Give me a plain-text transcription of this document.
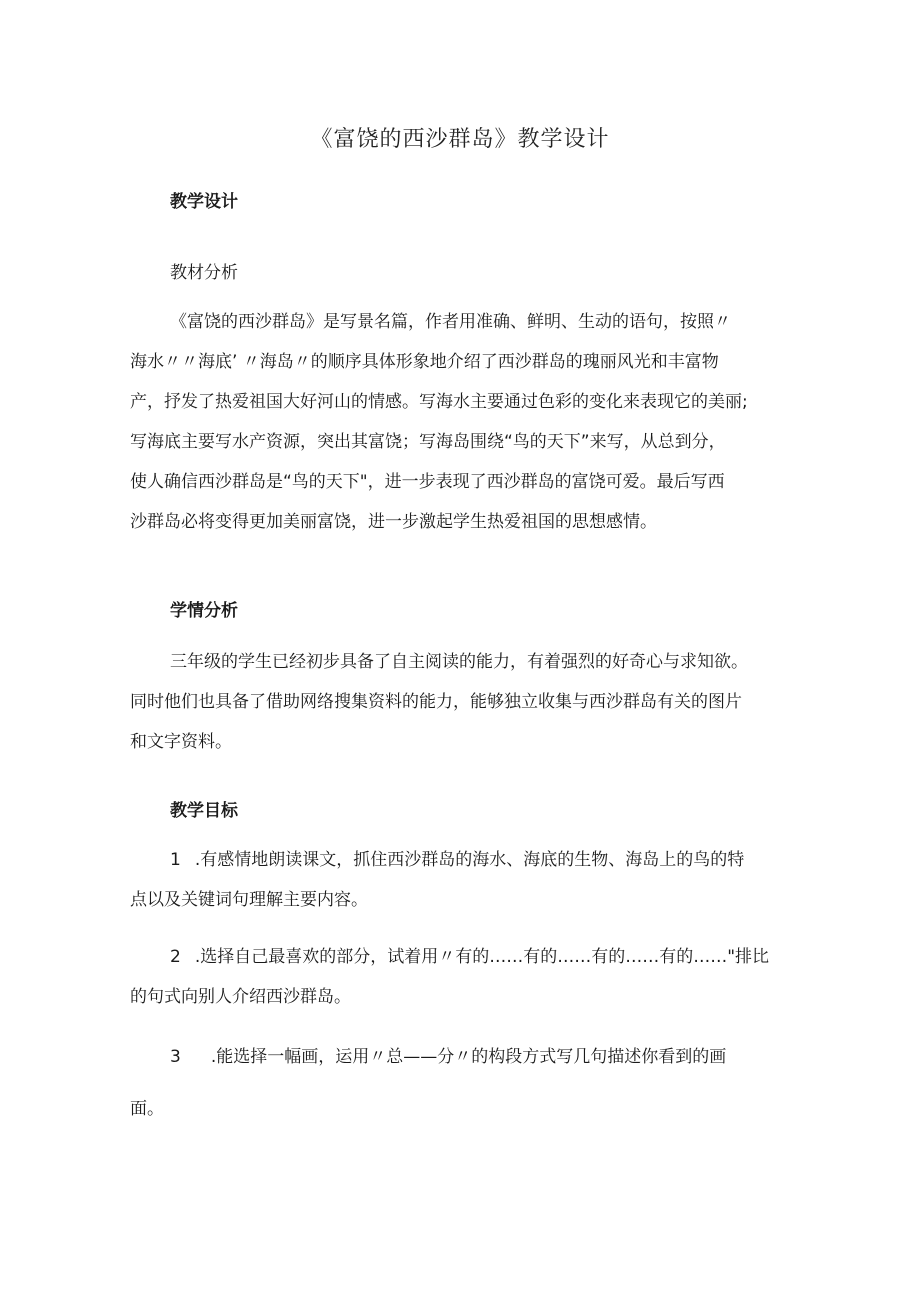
《富饶的西沙群岛》教学设计
教学设计
教材分析
《富饶的西沙群岛》是写景名篇，作者用准确、鲜明、生动的语句，按照〃
海水〃〃海底’ 〃海岛〃的顺序具体形象地介绍了西沙群岛的瑰丽风光和丰富物
产，抒发了热爱祖国大好河山的情感。写海水主要通过色彩的变化来表现它的美丽;
写海底主要写水产资源，突出其富饶；写海岛围绕“鸟的天下”来写，从总到分，
使人确信西沙群岛是“鸟的天下"，进一步表现了西沙群岛的富饶可爱。最后写西
沙群岛必将变得更加美丽富饶，进一步激起学生热爱祖国的思想感情。
学情分析
三年级的学生已经初步具备了自主阅读的能力，有着强烈的好奇心与求知欲。
同时他们也具备了借助网络搜集资料的能力，能够独立收集与西沙群岛有关的图片
和文字资料。
教学目标
1 .有感情地朗读课文，抓住西沙群岛的海水、海底的生物、海岛上的鸟的特
点以及关键词句理解主要内容。
2 .选择自己最喜欢的部分，试着用〃有的……有的……有的……有的……"排比
的句式向别人介绍西沙群岛。
3 .能选择一幅画，运用〃总——分〃的构段方式写几句描述你看到的画
面。
